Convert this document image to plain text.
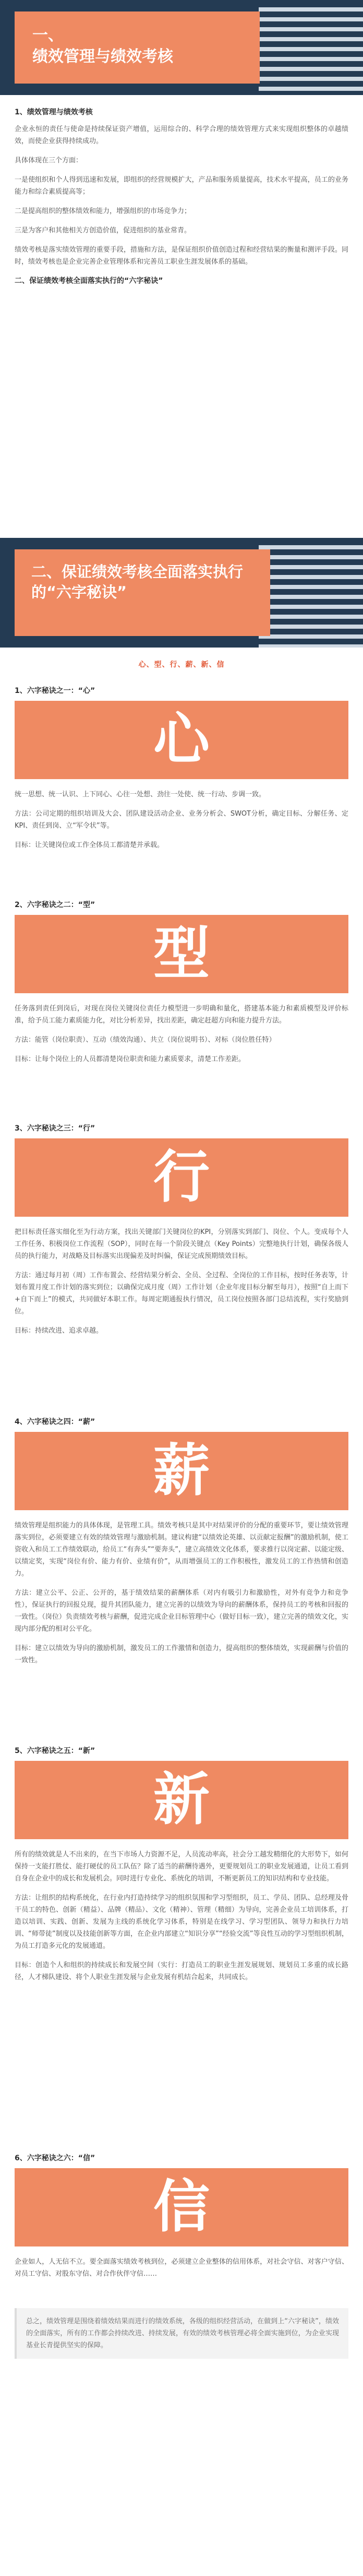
一、
绩效管理与绩效考核
1、绩效管理与绩效考核

企业永恒的责任与使命是持续保证资产增值，运用综合的、科学合理的绩效管理方式来实现组织整体的卓越绩效，而使企业获得持续成功。

具体体现在三个方面：

一是使组织和个人得到迅速和发展，即组织的经营规模扩大，产品和服务质量提高，技术水平提高，员工的业务能力和综合素质提高等；

二是提高组织的整体绩效和能力，增强组织的市场竞争力；

三是为客户和其他相关方创造价值，促进组织的基业常青。

绩效考核是落实绩效管理的重要手段，措施和方法，是保证组织价值创造过程和经营结果的衡量和测评手段。同时，绩效考核也是企业完善企业管理体系和完善员工职业生涯发展体系的基础。

二、保证绩效考核全面落实执行的“六字秘诀”
二、保证绩效考核全面落实执行的“六字秘诀”
心、型、行、薪、新、信
1、六字秘诀之一：“心”
心

统一思想、统一认识、上下同心、心往一处想、劲往一处使、统一行动、步调一致。

方法：公司定期的组织培训及大会、团队建设活动企业、业务分析会、SWOT分析，确定目标、分解任务、定KPI、责任到岗、立“军令状”等。

目标：让关键岗位或工作全体员工都清楚并承载。

2、六字秘诀之二：“型”
型

任务落到责任到岗后，对现在岗位关键岗位责任力模型进一步明确和量化，搭建基本能力和素质模型及评价标准，给予员工能力素质能力化，对比分析差异，找出差距，确定赶超方向和能力提升方法。

方法：能管（岗位职责）、互动（绩效沟通）、共立（岗位说明书）、对标（岗位胜任特）

目标：让每个岗位上的人员都清楚岗位职责和能力素质要求，清楚工作差距。

3、六字秘诀之三：“行”
行

把目标责任落实细化至为行动方案，找出关键部门关键岗位的KPI，分别落实到部门、岗位、个人。变成每个人工作任务、积极岗位工作流程（SOP），同时在每一个阶段关键点（Key Points）完整地执行计划，确保各级人员的执行能力，对战略及目标落实出现偏差及时纠偏，保证完成预期绩效目标。

方法：通过每月初（周）工作布置会、经营结果分析会、全员、全过程、全岗位的工作目标，按时任务表等，计划布置月度工作计划的落实到位；以确保完成月度（周）工作计划（企业年度目标分解至每月），按照“自上而下+自下而上”的模式，共同做好本职工作。每周定期通报执行情况，员工岗位按照各部门总结流程，实行奖励到位。

目标：持续改进、追求卓越。

4、六字秘诀之四：“薪”
薪

绩效管理是组织能力的具体体现，是管理工具。绩效考核只是其中对结果评价的分配的重要环节，要让绩效管理落实到位，必须要建立有效的绩效管理与激励机制。建议构建“以绩效论英雄、以贡献定报酬”的激励机制，使工资收入和员工工作绩效联动，给员工“有奔头”“要奔头”，建立高绩效文化体系，要求推行以岗定薪、以能定级、以绩定奖，实现“岗位有价、能力有价、业绩有价”，从而增强员工的工作积极性，激发员工的工作热情和创造力。

方法：建立公平、公正、公开的，基于绩效结果的薪酬体系（对内有吸引力和激励性，对外有竞争力和竞争性），保证执行的回报兑现，提升其团队能力，建立完善的以绩效为导向的薪酬体系，保持员工的考核和回报的一致性。（岗位）负责绩效考核与薪酬，促进完成企业目标管理中心（做好目标一致），建立完善的绩效文化，实现内部分配的相对公平化。

目标：建立以绩效为导向的激励机制，激发员工的工作激情和创造力，提高组织的整体绩效，实现薪酬与价值的一致性。

5、六字秘诀之五：“新”
新

所有的绩效就是人不出来的，在当下市场人力资源不足，人员流动率高，社会分工越发精细化的大形势下，如何保持一支能打胜仗、能打硬仗的员工队伍？除了适当的薪酬待遇外，更要规划员工的职业发展通道，让员工看到自身在企业中的成长和发展机会。同时进行专业化、系统化的培训，不断更新员工的知识结构和专业技能。

方法：让组织的结构系统化，在行业内打造持续学习的组织氛围和学习型组织，员工、学员、团队、总经理及骨干员工的特色、创新（精益）、品牌（精品）、文化（精神）、管理（精细）为导向，完善企业员工培训体系，打造以培训、实践、创新、发展为主线的系统化学习体系，特别是在线学习、学习型团队、领导力和执行力培训、“师带徒”制度以及技能创新等方面，在企业内部建立“知识分享”“经验交流”等良性互动的学习型组织机制，为员工打造多元化的发展通道。

目标：创造个人和组织的持续成长和发展空间（实行：打造员工的职业生涯发展规划、规划员工多重的成长路径，人才梯队建设、将个人职业生涯发展与企业发展有机结合起来，共同成长。

6、六字秘诀之六：“信”
信

企业如人，人无信不立。要全面落实绩效考核到位，必须建立企业整体的信用体系，对社会守信、对客户守信、对员工守信、对股东守信、对合作伙伴守信……

总之，绩效管理是围绕着绩效结果而进行的绩效系统，各级的组织经营活动，在做到上“六字秘诀”，绩效的全面落实，所有的工作都会持续改进、持续发展，有效的绩效考核管理必将全面实施到位，为企业实现基业长青提供坚实的保障。
